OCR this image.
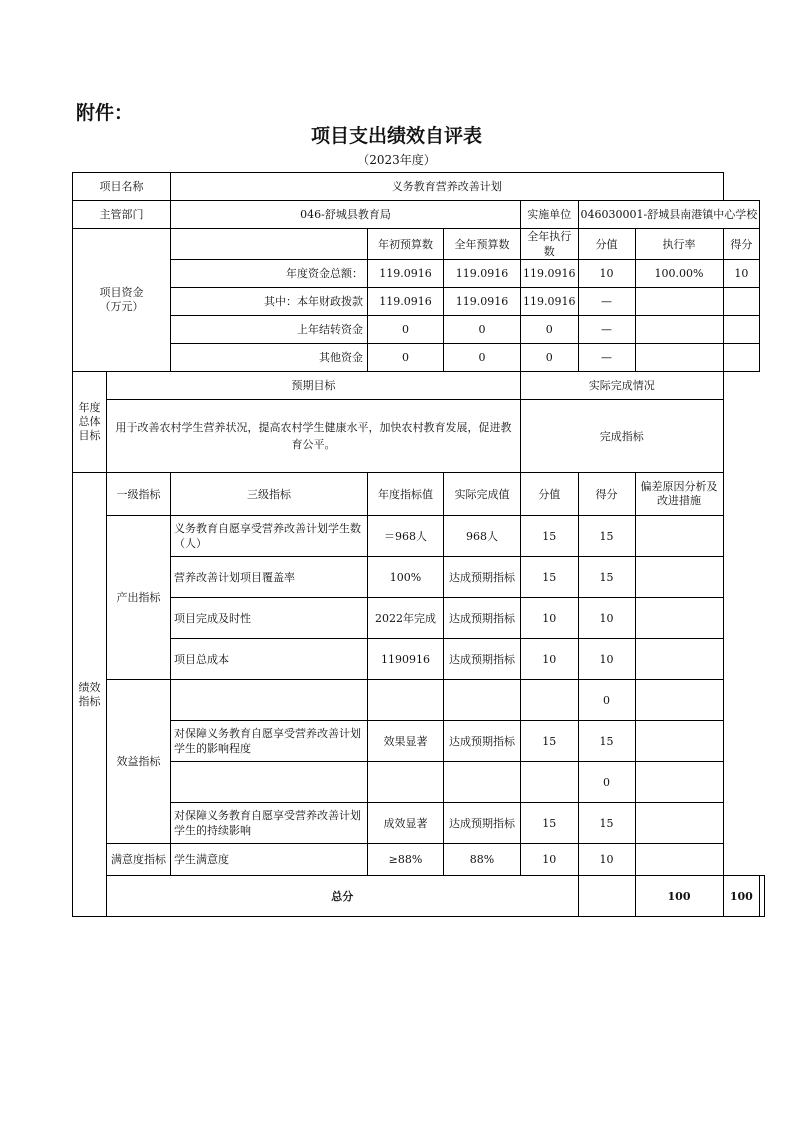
附件：
项目支出绩效自评表
（2023年度）
项目名称		义务教育营养改善计划							
主管部门		046-舒城县教育局			实施单位	046030001-舒城县南港镇中心学校			
项目资金
（万元）			年初预算数	全年预算数	全年执行数	分值	执行率	得分	
		年度资金总额：	119.0916	119.0916	119.0916	10	100.00%	10	
		其中：本年财政拨款	119.0916	119.0916	119.0916	—			
		上年结转资金	0	0	0	—			
		其他资金	0	0	0	—			
年度
总体
目标	预期目标				实际完成情况				
	用于改善农村学生营养状况，提高农村学生健康水平，加快农村教育发展，促进教育公平。				完成指标				
绩效
指标	一级指标	三级指标	年度指标值	实际完成值	分值	得分	偏差原因分析及改进措施		
	产出指标	义务教育自愿享受营养改善计划学生数（人）	＝968人	968人	15	15			
		营养改善计划项目覆盖率	100%	达成预期指标	15	15			
		项目完成及时性	2022年完成	达成预期指标	10	10			
		项目总成本	1190916	达成预期指标	10	10			
	效益指标					0			
		对保障义务教育自愿享受营养改善计划学生的影响程度	效果显著	达成预期指标	15	15			
						0			
		对保障义务教育自愿享受营养改善计划学生的持续影响	成效显著	达成预期指标	15	15			
	满意度指标	学生满意度	≥88%	88%	10	10			
	总分						100	100	
